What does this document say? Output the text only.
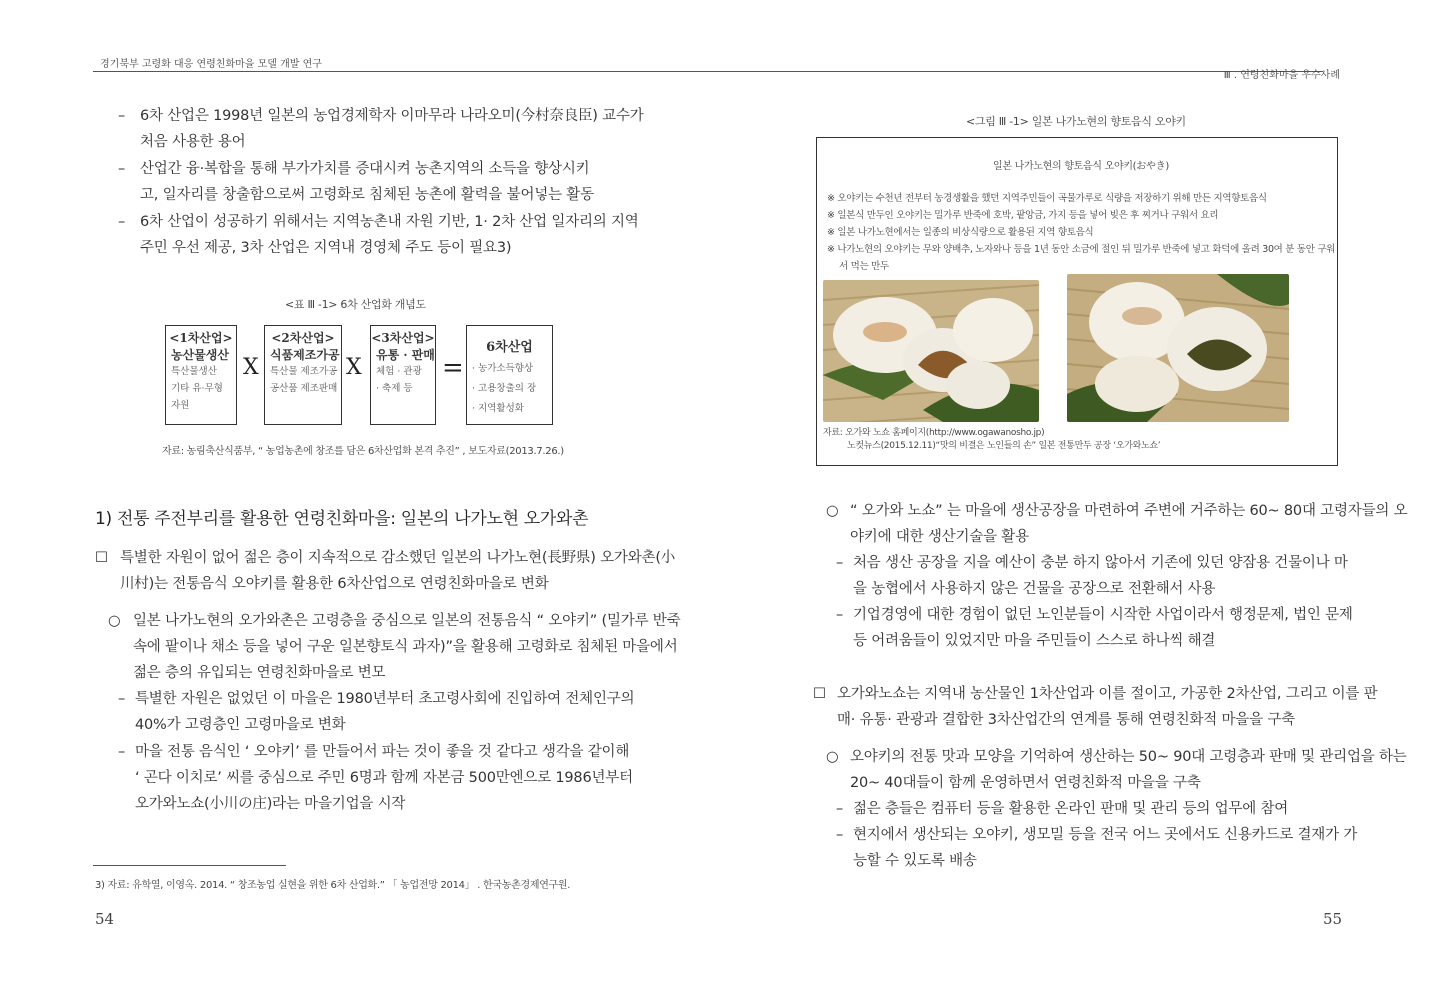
경기북부 고령화 대응 연령친화마을 모델 개발 연구
Ⅲ . 연령친화마을 우수사례
– 6차 산업은 1998년 일본의 농업경제학자 이마무라 나라오미(今村奈良臣) 교수가
처음 사용한 용어
– 산업간 융·복합을 통해 부가가치를 증대시켜 농촌지역의 소득을 향상시키
고, 일자리를 창출함으로써 고령화로 침체된 농촌에 활력을 불어넣는 활동
– 6차 산업이 성공하기 위해서는 지역농촌내 자원 기반, 1· 2차 산업 일자리의 지역
주민 우선 제공, 3차 산업은 지역내 경영체 주도 등이 필요3)
<표 Ⅲ -1> 6차 산업화 개념도
<1차산업>
농산물생산
특산물생산
기타 유·무형
자원
X
<2차산업>
식품제조가공
특산물 제조가공
공산품 제조판매
X
<3차산업>
유통 · 판매
체험 · 관광
· 축제 등
=
6차산업
· 농가소득향상
· 고용창출의 장
· 지역활성화
자료: 농림축산식품부, “ 농업농촌에 창조를 담은 6차산업화 본격 추진” , 보도자료(2013.7.26.)
1) 전통 주전부리를 활용한 연령친화마을: 일본의 나가노현 오가와촌
☐ 특별한 자원이 없어 젊은 층이 지속적으로 감소했던 일본의 나가노현(長野県) 오가와촌(小
川村)는 전통음식 오야키를 활용한 6차산업으로 연령친화마을로 변화
○ 일본 나가노현의 오가와촌은 고령층을 중심으로 일본의 전통음식 “ 오야키” (밀가루 반죽
속에 팥이나 채소 등을 넣어 구운 일본향토식 과자)”을 활용해 고령화로 침체된 마을에서
젊은 층의 유입되는 연령친화마을로 변모
– 특별한 자원은 없었던 이 마을은 1980년부터 초고령사회에 진입하여 전체인구의
40%가 고령층인 고령마을로 변화
– 마을 전통 음식인 ‘ 오야키’ 를 만들어서 파는 것이 좋을 것 같다고 생각을 같이해
‘ 곤다 이치로’ 씨를 중심으로 주민 6명과 함께 자본금 500만엔으로 1986년부터
오가와노쇼(小川の庄)라는 마을기업을 시작
3) 자료: 유학열, 이영옥. 2014. “ 창조농업 실현을 위한 6차 산업화.” 「 농업전망 2014」 . 한국농촌경제연구원.
54
<그림 Ⅲ -1> 일본 나가노현의 향토음식 오야키
일본 나가노현의 향토음식 오야키(おやき)
※ 오야키는 수천년 전부터 농경생활을 했던 지역주민들이 곡물가루로 식량을 저장하기 위해 만든 지역향토음식
※ 일본식 만두인 오야키는 밀가루 반죽에 호박, 팥앙금, 가지 등을 넣어 빚은 후 찌거나 구워서 요리
※ 일본 나가노현에서는 일종의 비상식량으로 활용된 지역 향토음식
※ 나가노현의 오야키는 무와 양배추, 노자와나 등을 1년 동안 소금에 절인 뒤 밀가루 반죽에 넣고 화덕에 올려 30여 분 동안 구워
서 먹는 만두
자료: 오가와 노쇼 홈페이지(http://www.ogawanosho.jp)
노컷뉴스(2015.12.11)“맛의 비결은 노인들의 손” 일본 전통만두 공장 ‘오가와노쇼’
○ “ 오가와 노쇼” 는 마을에 생산공장을 마련하여 주변에 거주하는 60~ 80대 고령자들의 오
야키에 대한 생산기술을 활용
– 처음 생산 공장을 지을 예산이 충분 하지 않아서 기존에 있던 양잠용 건물이나 마
을 농협에서 사용하지 않은 건물을 공장으로 전환해서 사용
– 기업경영에 대한 경험이 없던 노인분들이 시작한 사업이라서 행정문제, 법인 문제
등 어려움들이 있었지만 마을 주민들이 스스로 하나씩 해결
☐ 오가와노쇼는 지역내 농산물인 1차산업과 이를 절이고, 가공한 2차산업, 그리고 이를 판
매· 유통· 관광과 결합한 3차산업간의 연계를 통해 연령친화적 마을을 구축
○ 오야키의 전통 맛과 모양을 기억하여 생산하는 50~ 90대 고령층과 판매 및 관리업을 하는
20~ 40대들이 함께 운영하면서 연령친화적 마을을 구축
– 젊은 층들은 컴퓨터 등을 활용한 온라인 판매 및 관리 등의 업무에 참여
– 현지에서 생산되는 오야키, 생모밀 등을 전국 어느 곳에서도 신용카드로 결재가 가
능할 수 있도록 배송
55
